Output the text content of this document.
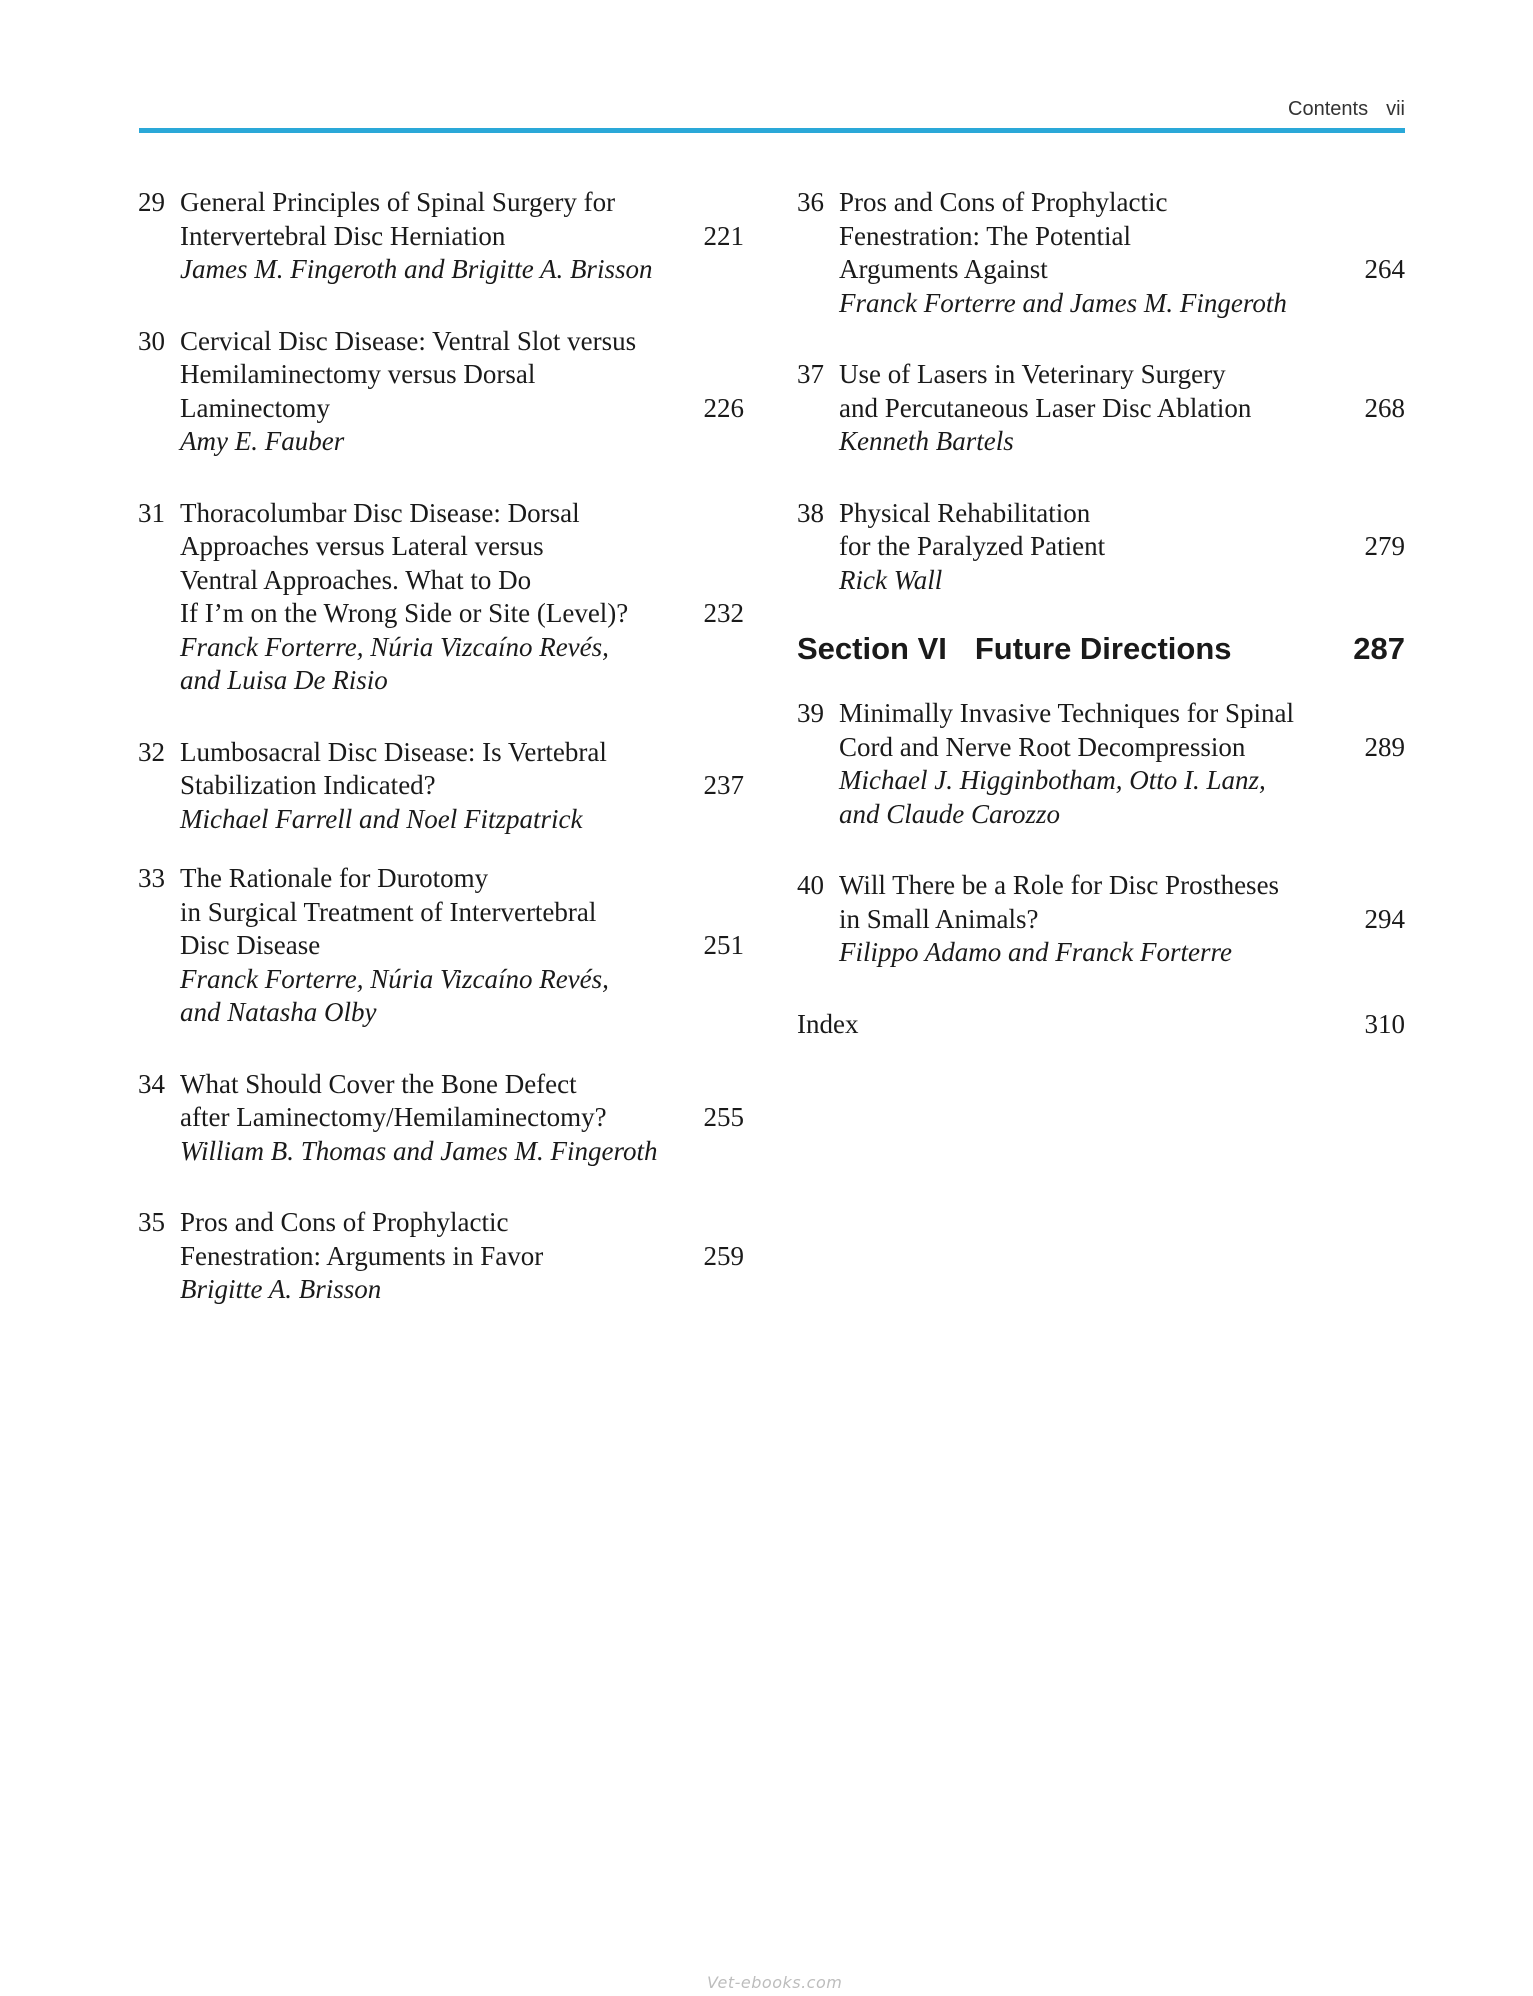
Contents vii
29 General Principles of Spinal Surgery for
Intervertebral Disc Herniation
James M. Fingeroth and Brigitte A. Brisson
221
30 Cervical Disc Disease: Ventral Slot versus
Hemilaminectomy versus Dorsal
Laminectomy
Amy E. Fauber
226
31 Thoracolumbar Disc Disease: Dorsal
Approaches versus Lateral versus
Ventral Approaches. What to Do
If I’m on the Wrong Side or Site (Level)?
Franck Forterre, Núria Vizcaíno Revés,
and Luisa De Risio
232
32 Lumbosacral Disc Disease: Is Vertebral
Stabilization Indicated?
Michael Farrell and Noel Fitzpatrick
237
33 The Rationale for Durotomy
in Surgical Treatment of Intervertebral
Disc Disease
Franck Forterre, Núria Vizcaíno Revés,
and Natasha Olby
251
34 What Should Cover the Bone Defect
after Laminectomy/Hemilaminectomy?
William B. Thomas and James M. Fingeroth
255
35 Pros and Cons of Prophylactic
Fenestration: Arguments in Favor
Brigitte A. Brisson
259
36 Pros and Cons of Prophylactic
Fenestration: The Potential
Arguments Against
Franck Forterre and James M. Fingeroth
264
37 Use of Lasers in Veterinary Surgery
and Percutaneous Laser Disc Ablation
Kenneth Bartels
268
38 Physical Rehabilitation
for the Paralyzed Patient
Rick Wall
279
Section VI Future Directions	287
39 Minimally Invasive Techniques for Spinal
Cord and Nerve Root Decompression
Michael J. Higginbotham, Otto I. Lanz,
and Claude Carozzo
289
40 Will There be a Role for Disc Prostheses
in Small Animals?
Filippo Adamo and Franck Forterre
294
Index	310
Vet-ebooks.com
